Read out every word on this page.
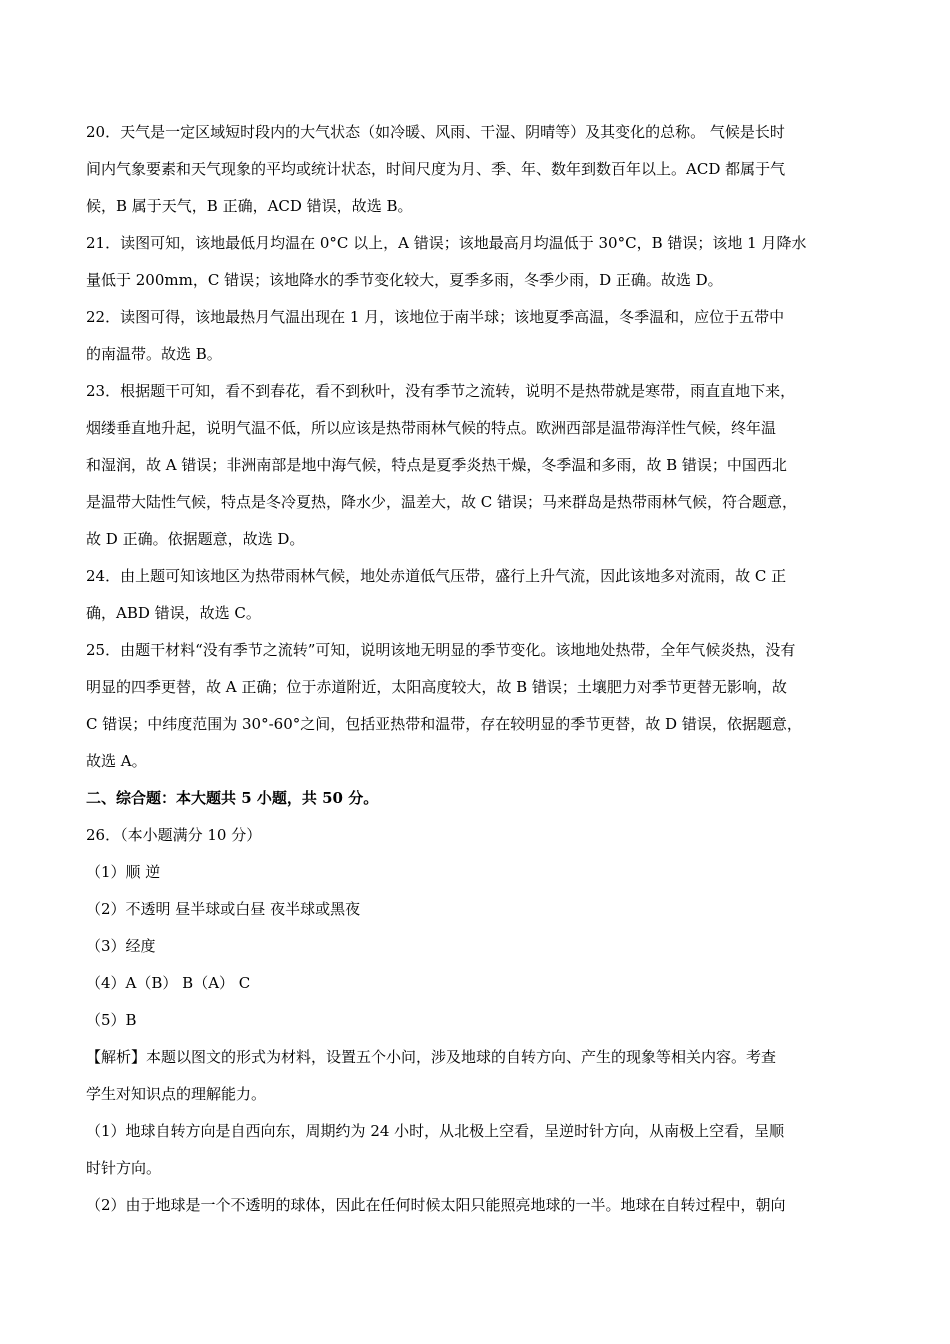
20．天气是一定区域短时段内的大气状态（如冷暖、风雨、干湿、阴晴等）及其变化的总称。 气候是长时
间内气象要素和天气现象的平均或统计状态，时间尺度为月、季、年、数年到数百年以上。ACD 都属于气
候，B 属于天气，B 正确，ACD 错误，故选 B。
21．读图可知，该地最低月均温在 0°C 以上，A 错误；该地最高月均温低于 30°C，B 错误；该地 1 月降水
量低于 200mm，C 错误；该地降水的季节变化较大，夏季多雨，冬季少雨，D 正确。故选 D。
22．读图可得，该地最热月气温出现在 1 月，该地位于南半球；该地夏季高温，冬季温和，应位于五带中
的南温带。故选 B。
23．根据题干可知，看不到春花，看不到秋叶，没有季节之流转，说明不是热带就是寒带，雨直直地下来，
烟缕垂直地升起，说明气温不低，所以应该是热带雨林气候的特点。欧洲西部是温带海洋性气候，终年温
和湿润，故 A 错误；非洲南部是地中海气候，特点是夏季炎热干燥，冬季温和多雨，故 B 错误；中国西北
是温带大陆性气候，特点是冬冷夏热，降水少，温差大，故 C 错误；马来群岛是热带雨林气候，符合题意，
故 D 正确。依据题意，故选 D。
24．由上题可知该地区为热带雨林气候，地处赤道低气压带，盛行上升气流，因此该地多对流雨，故 C 正
确，ABD 错误，故选 C。
25．由题干材料“没有季节之流转”可知，说明该地无明显的季节变化。该地地处热带，全年气候炎热，没有
明显的四季更替，故 A 正确；位于赤道附近，太阳高度较大，故 B 错误；土壤肥力对季节更替无影响，故
C 错误；中纬度范围为 30°-60°之间，包括亚热带和温带，存在较明显的季节更替，故 D 错误，依据题意，
故选 A。
二、综合题：本大题共 5 小题，共 50 分。
26．（本小题满分 10 分）
（1）顺 逆
（2）不透明 昼半球或白昼 夜半球或黑夜
（3）经度
（4）A（B） B（A） C
（5）B
【解析】本题以图文的形式为材料，设置五个小问，涉及地球的自转方向、产生的现象等相关内容。考查
学生对知识点的理解能力。
（1）地球自转方向是自西向东，周期约为 24 小时，从北极上空看，呈逆时针方向，从南极上空看，呈顺
时针方向。
（2）由于地球是一个不透明的球体，因此在任何时候太阳只能照亮地球的一半。地球在自转过程中，朝向
